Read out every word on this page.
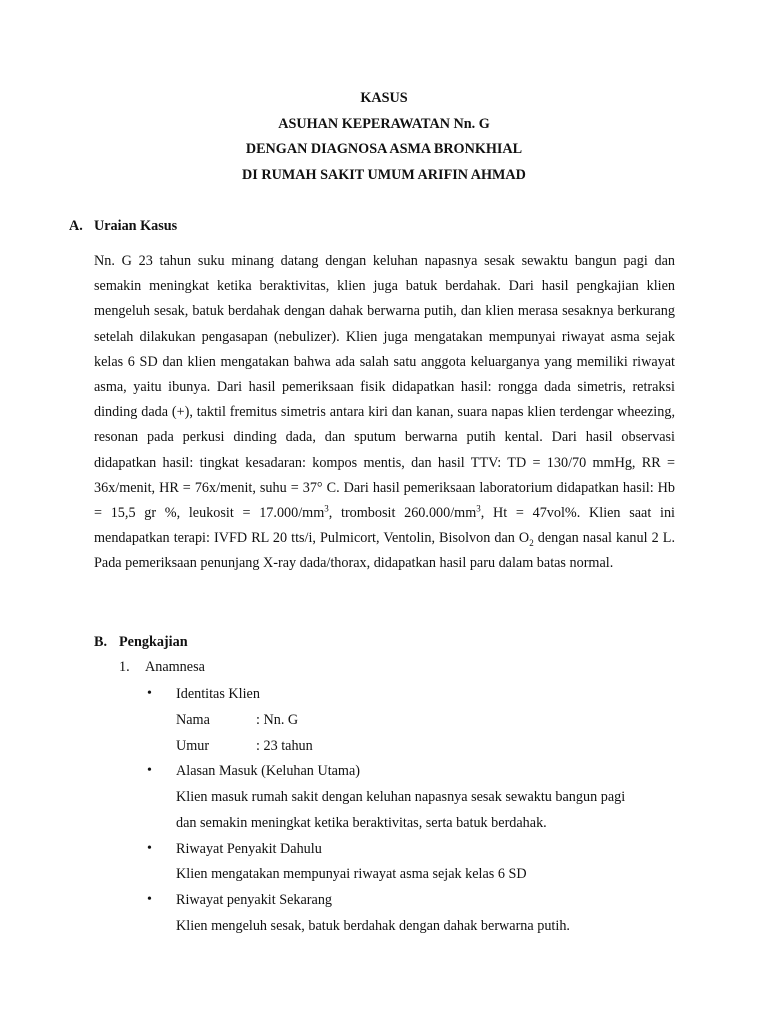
KASUS
ASUHAN KEPERAWATAN Nn. G
DENGAN DIAGNOSA ASMA BRONKHIAL
DI RUMAH SAKIT UMUM ARIFIN AHMAD
A. Uraian Kasus

Nn. G 23 tahun suku minang datang dengan keluhan napasnya sesak sewaktu bangun pagi dan semakin meningkat ketika beraktivitas, klien juga batuk berdahak. Dari hasil pengkajian klien mengeluh sesak, batuk berdahak dengan dahak berwarna putih, dan klien merasa sesaknya berkurang setelah dilakukan pengasapan (nebulizer). Klien juga mengatakan mempunyai riwayat asma sejak kelas 6 SD dan klien mengatakan bahwa ada salah satu anggota keluarganya yang memiliki riwayat asma, yaitu ibunya. Dari hasil pemeriksaan fisik didapatkan hasil: rongga dada simetris, retraksi dinding dada (+), taktil fremitus simetris antara kiri dan kanan, suara napas klien terdengar wheezing, resonan pada perkusi dinding dada, dan sputum berwarna putih kental. Dari hasil observasi didapatkan hasil: tingkat kesadaran: kompos mentis, dan hasil TTV: TD = 130/70 mmHg, RR = 36x/menit, HR = 76x/menit, suhu = 37° C. Dari hasil pemeriksaan laboratorium didapatkan hasil: Hb = 15,5 gr %, leukosit = $17.000/mm^3$, trombosit $260.000/mm^3$, Ht = 47vol%. Klien saat ini mendapatkan terapi: IVFD RL 20 tts/i, Pulmicort, Ventolin, Bisolvon dan $O_2$ dengan nasal kanul 2 L. Pada pemeriksaan penunjang X-ray dada/thorax, didapatkan hasil paru dalam batas normal.

B. Pengkajian
1. Anamnesa
• Identitas Klien
Nama	: Nn. G
Umur	: 23 tahun
• Alasan Masuk (Keluhan Utama)
Klien masuk rumah sakit dengan keluhan napasnya sesak sewaktu bangun pagi
dan semakin meningkat ketika beraktivitas, serta batuk berdahak.
• Riwayat Penyakit Dahulu
Klien mengatakan mempunyai riwayat asma sejak kelas 6 SD
• Riwayat penyakit Sekarang
Klien mengeluh sesak, batuk berdahak dengan dahak berwarna putih.
